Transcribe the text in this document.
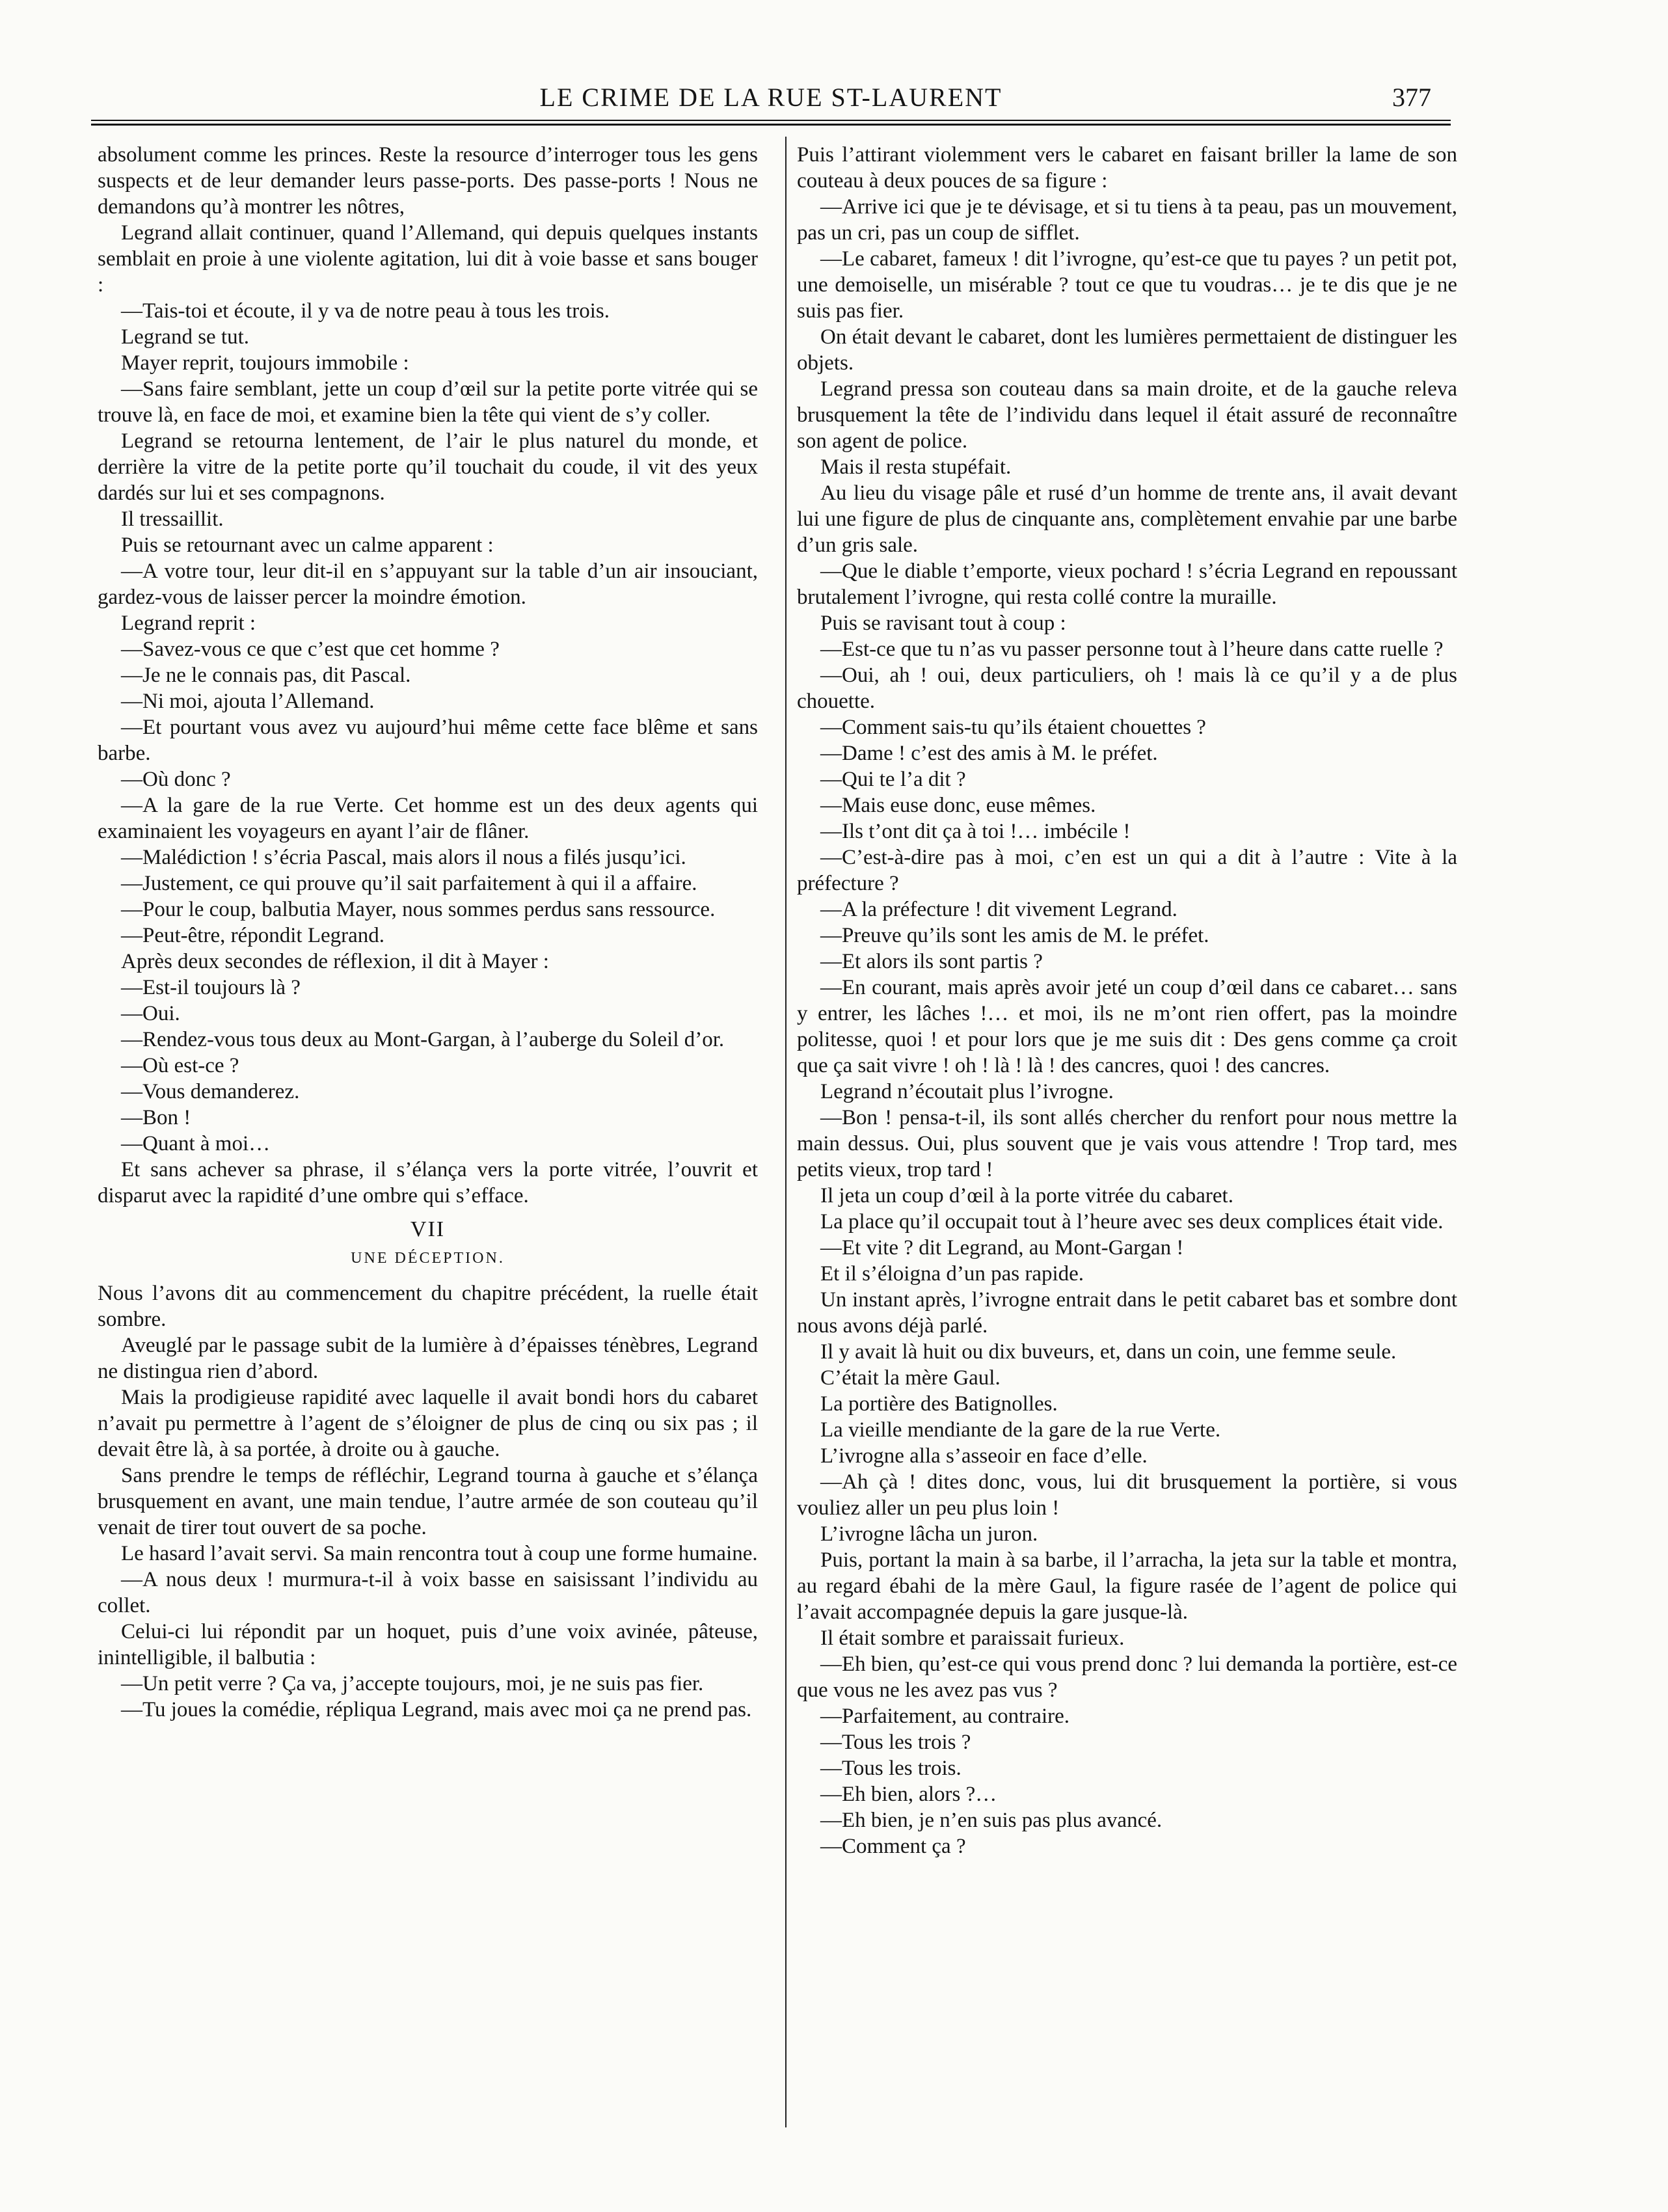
LE CRIME DE LA RUE ST-LAURENT	377

absolument comme les princes. Reste la resource d’interroger tous les gens suspects et de leur demander leurs passe-ports. Des passe-ports ! Nous ne demandons qu’à montrer les nôtres,

Legrand allait continuer, quand l’Allemand, qui depuis quelques instants semblait en proie à une violente agitation, lui dit à voie basse et sans bouger :

—Tais-toi et écoute, il y va de notre peau à tous les trois.

Legrand se tut.

Mayer reprit, toujours immobile :

—Sans faire semblant, jette un coup d’œil sur la petite porte vitrée qui se trouve là, en face de moi, et examine bien la tête qui vient de s’y coller.

Legrand se retourna lentement, de l’air le plus naturel du monde, et derrière la vitre de la petite porte qu’il touchait du coude, il vit des yeux dardés sur lui et ses compagnons.

Il tressaillit.

Puis se retournant avec un calme apparent :

—A votre tour, leur dit-il en s’appuyant sur la table d’un air insouciant, gardez-vous de laisser percer la moindre émotion.

Legrand reprit :

—Savez-vous ce que c’est que cet homme ?

—Je ne le connais pas, dit Pascal.

—Ni moi, ajouta l’Allemand.

—Et pourtant vous avez vu aujourd’hui même cette face blême et sans barbe.

—Où donc ?

—A la gare de la rue Verte. Cet homme est un des deux agents qui examinaient les voyageurs en ayant l’air de flâner.

—Malédiction ! s’écria Pascal, mais alors il nous a filés jusqu’ici.

—Justement, ce qui prouve qu’il sait parfaitement à qui il a affaire.

—Pour le coup, balbutia Mayer, nous sommes perdus sans ressource.

—Peut-être, répondit Legrand.

Après deux secondes de réflexion, il dit à Mayer :

—Est-il toujours là ?

—Oui.

—Rendez-vous tous deux au Mont-Gargan, à l’auberge du Soleil d’or.

—Où est-ce ?

—Vous demanderez.

—Bon !

—Quant à moi…

Et sans achever sa phrase, il s’élança vers la porte vitrée, l’ouvrit et disparut avec la rapidité d’une ombre qui s’efface.

VII
UNE DÉCEPTION.

Nous l’avons dit au commencement du chapitre précédent, la ruelle était sombre.

Aveuglé par le passage subit de la lumière à d’épaisses ténèbres, Legrand ne distingua rien d’abord.

Mais la prodigieuse rapidité avec laquelle il avait bondi hors du cabaret n’avait pu permettre à l’agent de s’éloigner de plus de cinq ou six pas ; il devait être là, à sa portée, à droite ou à gauche.

Sans prendre le temps de réfléchir, Legrand tourna à gauche et s’élança brusquement en avant, une main tendue, l’autre armée de son couteau qu’il venait de tirer tout ouvert de sa poche.

Le hasard l’avait servi. Sa main rencontra tout à coup une forme humaine.

—A nous deux ! murmura-t-il à voix basse en saisissant l’individu au collet.

Celui-ci lui répondit par un hoquet, puis d’une voix avinée, pâteuse, inintelligible, il balbutia :

—Un petit verre ? Ça va, j’accepte toujours, moi, je ne suis pas fier.

—Tu joues la comédie, répliqua Legrand, mais avec moi ça ne prend pas.

Puis l’attirant violemment vers le cabaret en faisant briller la lame de son couteau à deux pouces de sa figure :

—Arrive ici que je te dévisage, et si tu tiens à ta peau, pas un mouvement, pas un cri, pas un coup de sifflet.

—Le cabaret, fameux ! dit l’ivrogne, qu’est-ce que tu payes ? un petit pot, une demoiselle, un misérable ? tout ce que tu voudras… je te dis que je ne suis pas fier.

On était devant le cabaret, dont les lumières permettaient de distinguer les objets.

Legrand pressa son couteau dans sa main droite, et de la gauche releva brusquement la tête de l’individu dans lequel il était assuré de reconnaître son agent de police.

Mais il resta stupéfait.

Au lieu du visage pâle et rusé d’un homme de trente ans, il avait devant lui une figure de plus de cinquante ans, complètement envahie par une barbe d’un gris sale.

—Que le diable t’emporte, vieux pochard ! s’écria Legrand en repoussant brutalement l’ivrogne, qui resta collé contre la muraille.

Puis se ravisant tout à coup :

—Est-ce que tu n’as vu passer personne tout à l’heure dans catte ruelle ?

—Oui, ah ! oui, deux particuliers, oh ! mais là ce qu’il y a de plus chouette.

—Comment sais-tu qu’ils étaient chouettes ?

—Dame ! c’est des amis à M. le préfet.

—Qui te l’a dit ?

—Mais euse donc, euse mêmes.

—Ils t’ont dit ça à toi !… imbécile !

—C’est-à-dire pas à moi, c’en est un qui a dit à l’autre : Vite à la préfecture ?

—A la préfecture ! dit vivement Legrand.

—Preuve qu’ils sont les amis de M. le préfet.

—Et alors ils sont partis ?

—En courant, mais après avoir jeté un coup d’œil dans ce cabaret… sans y entrer, les lâches !… et moi, ils ne m’ont rien offert, pas la moindre politesse, quoi ! et pour lors que je me suis dit : Des gens comme ça croit que ça sait vivre ! oh ! là ! là ! des cancres, quoi ! des cancres.

Legrand n’écoutait plus l’ivrogne.

—Bon ! pensa-t-il, ils sont allés chercher du renfort pour nous mettre la main dessus. Oui, plus souvent que je vais vous attendre ! Trop tard, mes petits vieux, trop tard !

Il jeta un coup d’œil à la porte vitrée du cabaret.

La place qu’il occupait tout à l’heure avec ses deux complices était vide.

—Et vite ? dit Legrand, au Mont-Gargan !

Et il s’éloigna d’un pas rapide.

Un instant après, l’ivrogne entrait dans le petit cabaret bas et sombre dont nous avons déjà parlé.

Il y avait là huit ou dix buveurs, et, dans un coin, une femme seule.

C’était la mère Gaul.

La portière des Batignolles.

La vieille mendiante de la gare de la rue Verte.

L’ivrogne alla s’asseoir en face d’elle.

—Ah çà ! dites donc, vous, lui dit brusquement la portière, si vous vouliez aller un peu plus loin !

L’ivrogne lâcha un juron.

Puis, portant la main à sa barbe, il l’arracha, la jeta sur la table et montra, au regard ébahi de la mère Gaul, la figure rasée de l’agent de police qui l’avait accompagnée depuis la gare jusque-là.

Il était sombre et paraissait furieux.

—Eh bien, qu’est-ce qui vous prend donc ? lui demanda la portière, est-ce que vous ne les avez pas vus ?

—Parfaitement, au contraire.

—Tous les trois ?

—Tous les trois.

—Eh bien, alors ?…

—Eh bien, je n’en suis pas plus avancé.

—Comment ça ?
